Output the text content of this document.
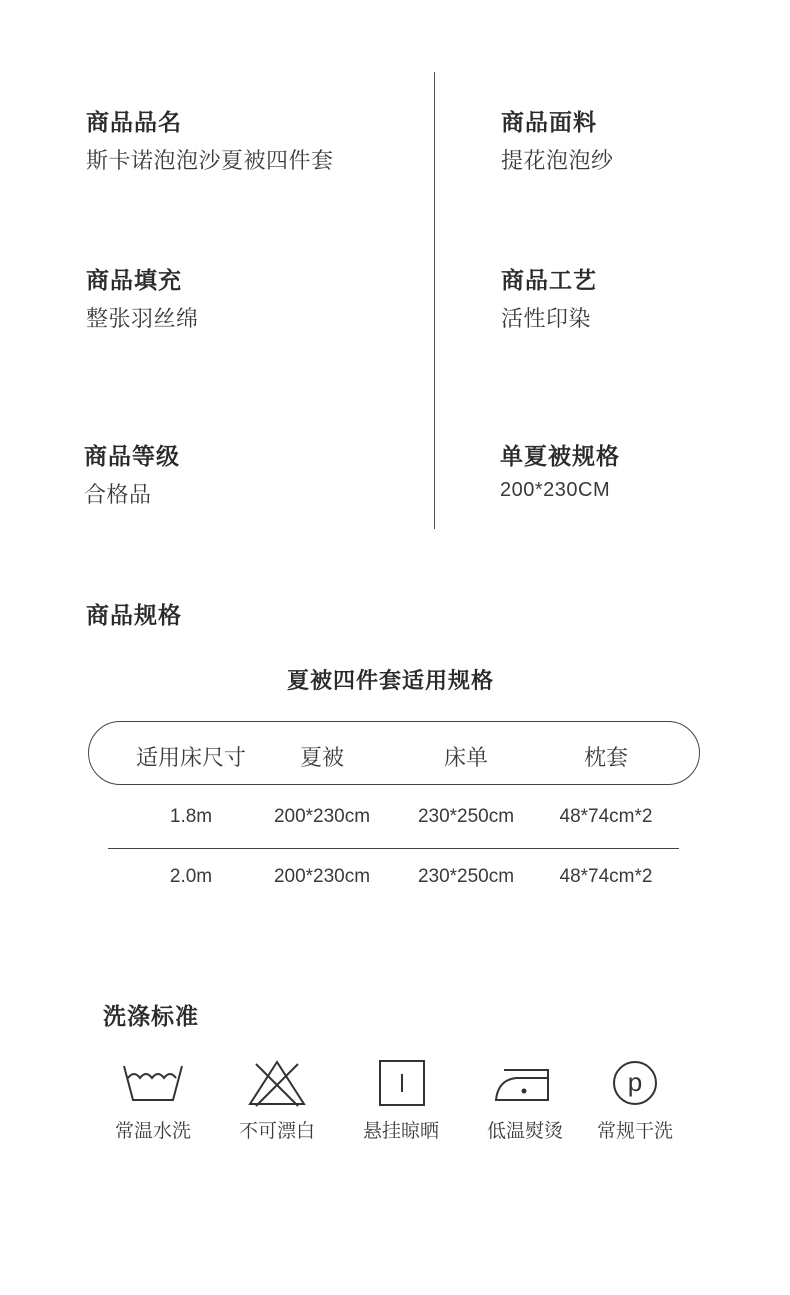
商品品名
斯卡诺泡泡沙夏被四件套
商品面料
提花泡泡纱
商品填充
整张羽丝绵
商品工艺
活性印染
商品等级
合格品
单夏被规格
200*230CM
商品规格
夏被四件套适用规格
适用床尺寸 夏被	床单	枕套
1.8m	200*230cm	230*250cm 48*74cm*2
2.0m	200*230cm	230*250cm 48*74cm*2
洗涤标准
常温水洗	不可漂白	悬挂晾晒	低温熨烫
p
常规干洗
